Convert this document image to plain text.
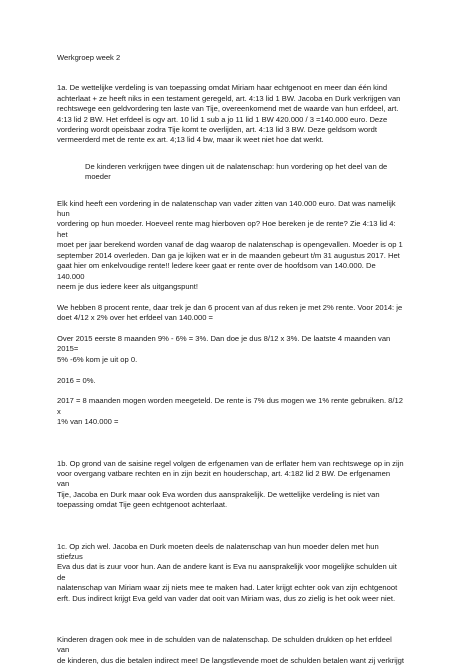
Werkgroep week 2

1a. De wettelijke verdeling is van toepassing omdat Miriam haar echtgenoot en meer dan één kind
achterlaat + ze heeft niks in een testament geregeld, art. 4:13 lid 1 BW. Jacoba en Durk verkrijgen van
rechtswege een geldvordering ten laste van Tije, overeenkomend met de waarde van hun erfdeel, art.
4:13 lid 2 BW. Het erfdeel is ogv art. 10 lid 1 sub a jo 11 lid 1 BW 420.000 / 3 =140.000 euro. Deze
vordering wordt opeisbaar zodra Tije komt te overlijden, art. 4:13 lid 3 BW. Deze geldsom wordt
vermeerderd met de rente ex art. 4;13 lid 4 bw, maar ik weet niet hoe dat werkt.

De kinderen verkrijgen twee dingen uit de nalatenschap: hun vordering op het deel van de
moeder

Elk kind heeft een vordering in de nalatenschap van vader zitten van 140.000 euro. Dat was namelijk hun
vordering op hun moeder. Hoeveel rente mag hierboven op? Hoe bereken je de rente? Zie 4:13 lid 4: het
moet per jaar berekend worden vanaf de dag waarop de nalatenschap is opengevallen. Moeder is op 1
september 2014 overleden. Dan ga je kijken wat er in de maanden gebeurt t/m 31 augustus 2017. Het
gaat hier om enkelvoudige rente!! ledere keer gaat er rente over de hoofdsom van 140.000. De 140.000
neem je dus iedere keer als uitgangspunt!

We hebben 8 procent rente, daar trek je dan 6 procent van af dus reken je met 2% rente. Voor 2014: je
doet 4/12 x 2% over het erfdeel van 140.000 =

Over 2015 eerste 8 maanden 9% - 6% = 3%. Dan doe je dus 8/12 x 3%. De laatste 4 maanden van 2015=
5% -6% kom je uit op 0.

2016 = 0%.

2017 = 8 maanden mogen worden meegeteld. De rente is 7% dus mogen we 1% rente gebruiken. 8/12 x
1% van 140.000 =

1b. Op grond van de saisine regel volgen de erfgenamen van de erflater hem van rechtswege op in zijn
voor overgang vatbare rechten en in zijn bezit en houderschap, art. 4:182 lid 2 BW. De erfgenamen van
Tije, Jacoba en Durk maar ook Eva worden dus aansprakelijk. De wettelijke verdeling is niet van
toepassing omdat Tije geen echtgenoot achterlaat.

1c. Op zich wel. Jacoba en Durk moeten deels de nalatenschap van hun moeder delen met hun stiefzus
Eva dus dat is zuur voor hun. Aan de andere kant is Eva nu aansprakelijk voor mogelijke schulden uit de
nalatenschap van Miriam waar zij niets mee te maken had. Later krijgt echter ook van zijn echtgenoot
erft. Dus indirect krijgt Eva geld van vader dat ooit van Miriam was, dus zo zielig is het ook weer niet.

Kinderen dragen ook mee in de schulden van de nalatenschap. De schulden drukken op het erfdeel van
de kinderen, dus die betalen indirect mee! De langstlevende moet de schulden betalen want zij verkrijgt
